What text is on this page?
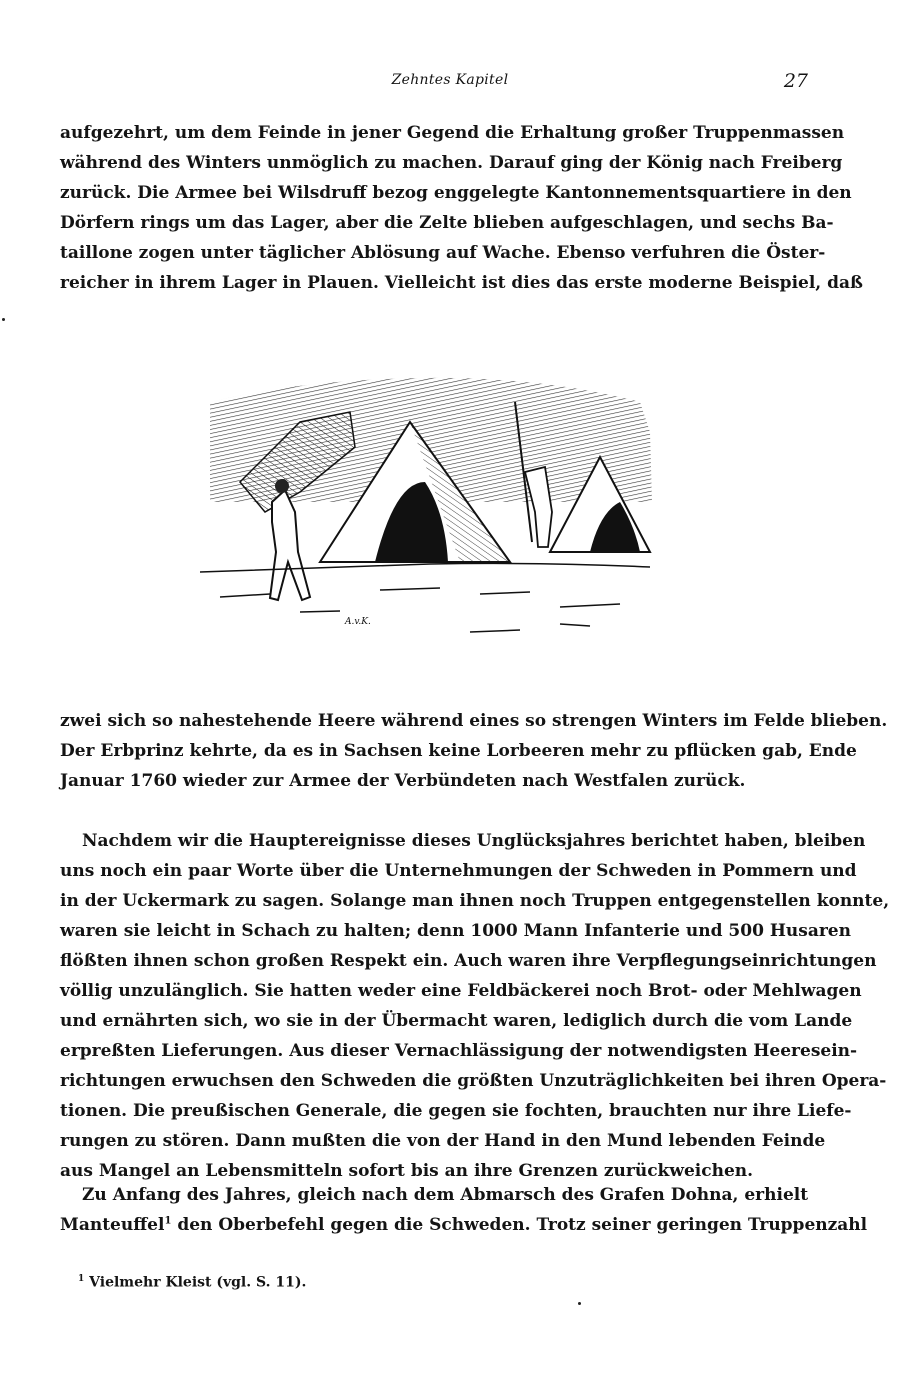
Zehntes Kapitel	27
aufgezehrt, um dem Feinde in jener Gegend die Erhaltung großer Truppenmassen
während des Winters unmöglich zu machen. Darauf ging der König nach Freiberg
zurück. Die Armee bei Wilsdruff bezog enggelegte Kantonnementsquartiere in den
Dörfern rings um das Lager, aber die Zelte blieben aufgeschlagen, und sechs Ba-
taillone zogen unter täglicher Ablösung auf Wache. Ebenso verfuhren die Öster-
reicher in ihrem Lager in Plauen. Vielleicht ist dies das erste moderne Beispiel, daß
A.v.K.
zwei sich so nahestehende Heere während eines so strengen Winters im Felde blieben.
Der Erbprinz kehrte, da es in Sachsen keine Lorbeeren mehr zu pflücken gab, Ende
Januar 1760 wieder zur Armee der Verbündeten nach Westfalen zurück.
Nachdem wir die Hauptereignisse dieses Unglücksjahres berichtet haben, bleiben
uns noch ein paar Worte über die Unternehmungen der Schweden in Pommern und
in der Uckermark zu sagen. Solange man ihnen noch Truppen entgegenstellen konnte,
waren sie leicht in Schach zu halten; denn 1000 Mann Infanterie und 500 Husaren
flößten ihnen schon großen Respekt ein. Auch waren ihre Verpflegungseinrichtungen
völlig unzulänglich. Sie hatten weder eine Feldbäckerei noch Brot- oder Mehlwagen
und ernährten sich, wo sie in der Übermacht waren, lediglich durch die vom Lande
erpreßten Lieferungen. Aus dieser Vernachlässigung der notwendigsten Heeresein-
richtungen erwuchsen den Schweden die größten Unzuträglichkeiten bei ihren Opera-
tionen. Die preußischen Generale, die gegen sie fochten, brauchten nur ihre Liefe-
rungen zu stören. Dann mußten die von der Hand in den Mund lebenden Feinde
aus Mangel an Lebensmitteln sofort bis an ihre Grenzen zurückweichen.
Zu Anfang des Jahres, gleich nach dem Abmarsch des Grafen Dohna, erhielt
Manteuffel$^1$ den Oberbefehl gegen die Schweden. Trotz seiner geringen Truppenzahl
$^1$ Vielmehr Kleist (vgl. S. 11).
